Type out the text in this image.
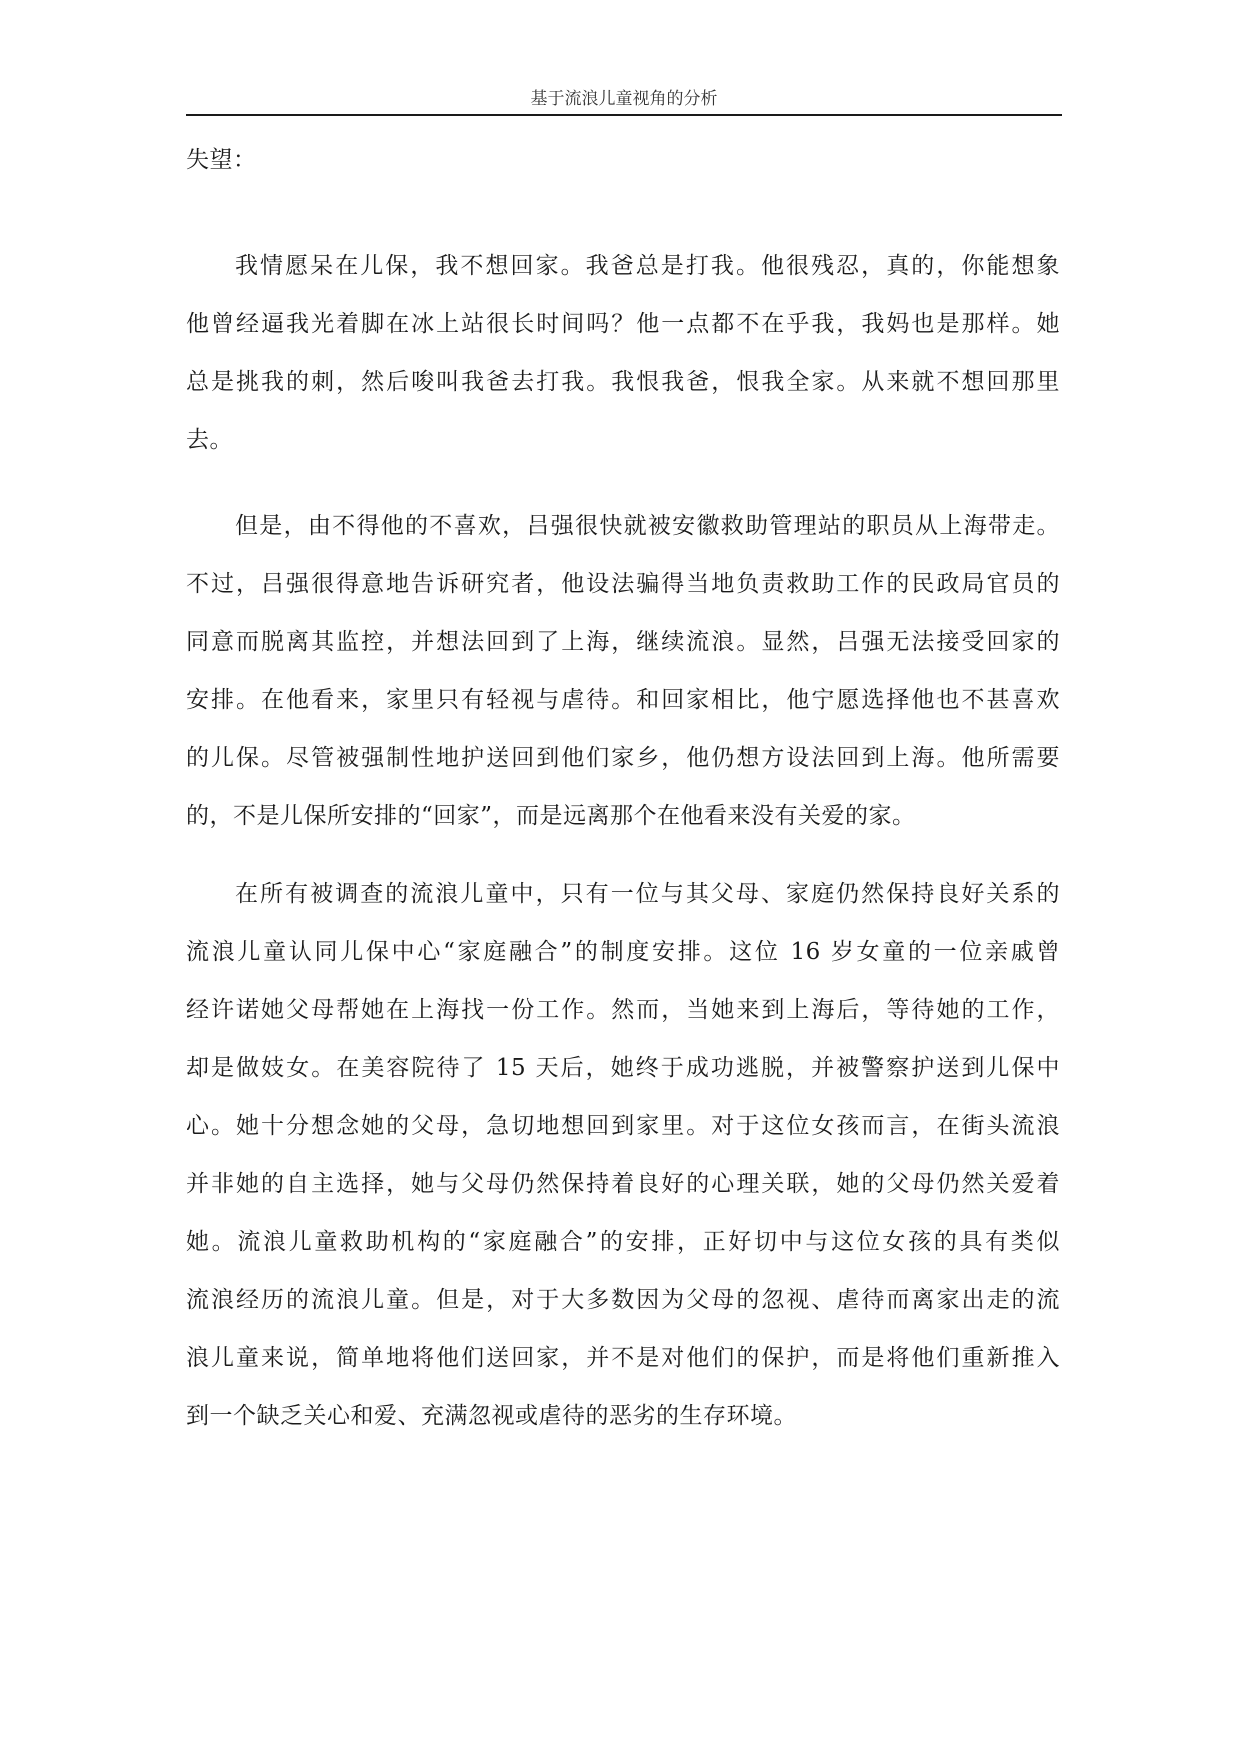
基于流浪儿童视角的分析
失望：
我情愿呆在儿保，我不想回家。我爸总是打我。他很残忍，真的，你能想象
他曾经逼我光着脚在冰上站很长时间吗？他一点都不在乎我，我妈也是那样。她
总是挑我的刺，然后唆叫我爸去打我。我恨我爸，恨我全家。从来就不想回那里
去。
但是，由不得他的不喜欢，吕强很快就被安徽救助管理站的职员从上海带走。
不过，吕强很得意地告诉研究者，他设法骗得当地负责救助工作的民政局官员的
同意而脱离其监控，并想法回到了上海，继续流浪。显然，吕强无法接受回家的
安排。在他看来，家里只有轻视与虐待。和回家相比，他宁愿选择他也不甚喜欢
的儿保。尽管被强制性地护送回到他们家乡，他仍想方设法回到上海。他所需要
的，不是儿保所安排的“回家”，而是远离那个在他看来没有关爱的家。
在所有被调查的流浪儿童中，只有一位与其父母、家庭仍然保持良好关系的
流浪儿童认同儿保中心“家庭融合”的制度安排。这位 16 岁女童的一位亲戚曾
经许诺她父母帮她在上海找一份工作。然而，当她来到上海后，等待她的工作，
却是做妓女。在美容院待了 15 天后，她终于成功逃脱，并被警察护送到儿保中
心。她十分想念她的父母，急切地想回到家里。对于这位女孩而言，在街头流浪
并非她的自主选择，她与父母仍然保持着良好的心理关联，她的父母仍然关爱着
她。流浪儿童救助机构的“家庭融合”的安排，正好切中与这位女孩的具有类似
流浪经历的流浪儿童。但是，对于大多数因为父母的忽视、虐待而离家出走的流
浪儿童来说，简单地将他们送回家，并不是对他们的保护，而是将他们重新推入
到一个缺乏关心和爱、充满忽视或虐待的恶劣的生存环境。
